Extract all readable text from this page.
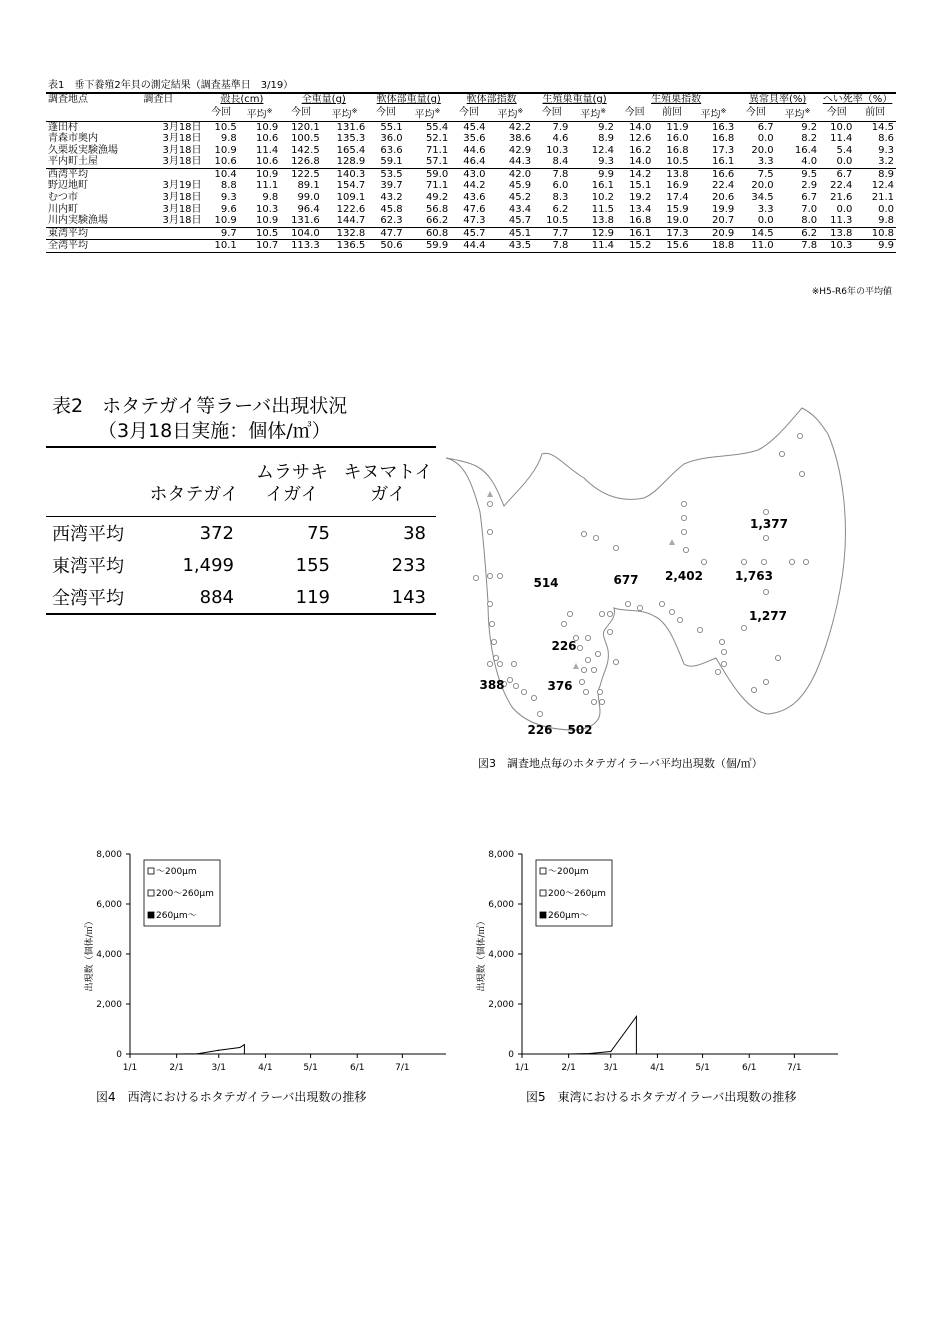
表1　垂下養殖2年貝の測定結果（調査基準日　3/19）
調査地点	調査日	殻長(cm)		全重量(g)		軟体部重量(g)		軟体部指数		生殖巣重量(g)		生殖巣指数			異常貝率(%)		へい死率（%）	
		今回	平均※	今回	平均※	今回	平均※	今回	平均※	今回	平均※	今回	前回	平均※	今回	平均※	今回	前回
蓬田村	3月18日	10.5	10.9	120.1	131.6	55.1	55.4	45.4	42.2	7.9	9.2	14.0	11.9	16.3	6.7	9.2	10.0	14.5
青森市奥内	3月18日	9.8	10.6	100.5	135.3	36.0	52.1	35.6	38.6	4.6	8.9	12.6	16.0	16.8	0.0	8.2	11.4	8.6
久栗坂実験漁場	3月18日	10.9	11.4	142.5	165.4	63.6	71.1	44.6	42.9	10.3	12.4	16.2	16.8	17.3	20.0	16.4	5.4	9.3
平内町土屋	3月18日	10.6	10.6	126.8	128.9	59.1	57.1	46.4	44.3	8.4	9.3	14.0	10.5	16.1	3.3	4.0	0.0	3.2
西湾平均		10.4	10.9	122.5	140.3	53.5	59.0	43.0	42.0	7.8	9.9	14.2	13.8	16.6	7.5	9.5	6.7	8.9
野辺地町	3月19日	8.8	11.1	89.1	154.7	39.7	71.1	44.2	45.9	6.0	16.1	15.1	16.9	22.4	20.0	2.9	22.4	12.4
むつ市	3月18日	9.3	9.8	99.0	109.1	43.2	49.2	43.6	45.2	8.3	10.2	19.2	17.4	20.6	34.5	6.7	21.6	21.1
川内町	3月18日	9.6	10.3	96.4	122.6	45.8	56.8	47.6	43.4	6.2	11.5	13.4	15.9	19.9	3.3	7.0	0.0	0.0
川内実験漁場	3月18日	10.9	10.9	131.6	144.7	62.3	66.2	47.3	45.7	10.5	13.8	16.8	19.0	20.7	0.0	8.0	11.3	9.8
東湾平均		9.7	10.5	104.0	132.8	47.7	60.8	45.7	45.1	7.7	12.9	16.1	17.3	20.9	14.5	6.2	13.8	10.8
全湾平均		10.1	10.7	113.3	136.5	50.6	59.9	44.4	43.5	7.8	11.4	15.2	15.6	18.8	11.0	7.8	10.3	9.9
※H5-R6年の平均値
表2　ホタテガイ等ラーバ出現状況
（3月18日実施：個体/㎥）
	ホタテガイ	ムラサキ
イガイ	キヌマトイ
ガイ
西湾平均	372	75	38
東湾平均	1,499	155	233
全湾平均	884	119	143
1,377
514	677 2,402	1,763
1,277
226
388	376
226 502
図3　調査地点毎のホタテガイラーバ平均出現数（個/㎥）
0
2,000
4,000
6,000
8,000
1/1	2/1	3/1	4/1	5/1	6/1	7/1
出現数（個体/㎥）
～200μm
200～260μm
260μm～
0
2,000
4,000
6,000
8,000
1/1	2/1	3/1	4/1	5/1	6/1	7/1
出現数（個体/㎥）
～200μm
200～260μm
260μm～
図4　西湾におけるホタテガイラーバ出現数の推移	図5　東湾におけるホタテガイラーバ出現数の推移
